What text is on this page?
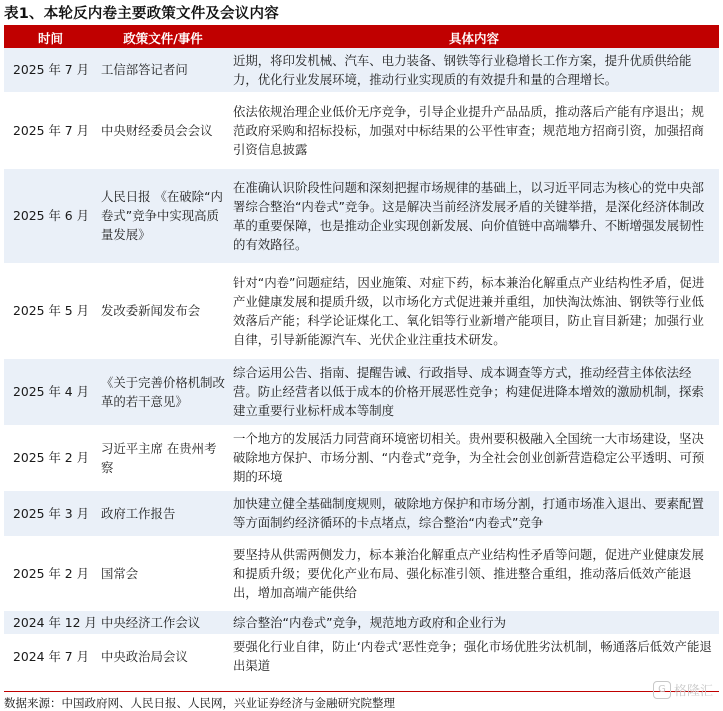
表1、本轮反内卷主要政策文件及会议内容
时间	政策文件/事件	具体内容
2025 年 7 月	工信部答记者问	近期，将印发机械、汽车、电力装备、钢铁等行业稳增长工作方案，提升优质供给能力，优化行业发展环境，推动行业实现质的有效提升和量的合理增长。
2025 年 7 月	中央财经委员会会议	依法依规治理企业低价无序竞争，引导企业提升产品品质，推动落后产能有序退出；规范政府采购和招标投标，加强对中标结果的公平性审查；规范地方招商引资，加强招商引资信息披露
2025 年 6 月	人民日报 《在破除“内卷式”竞争中实现高质量发展》	在准确认识阶段性问题和深刻把握市场规律的基础上，以习近平同志为核心的党中央部署综合整治“内卷式”竞争。这是解决当前经济发展矛盾的关键举措，是深化经济体制改革的重要保障，也是推动企业实现创新发展、向价值链中高端攀升、不断增强发展韧性的有效路径。
2025 年 5 月	发改委新闻发布会	针对“内卷”问题症结，因业施策、对症下药，标本兼治化解重点产业结构性矛盾，促进产业健康发展和提质升级，以市场化方式促进兼并重组，加快淘汰炼油、钢铁等行业低效落后产能；科学论证煤化工、氧化铝等行业新增产能项目，防止盲目新建；加强行业自律，引导新能源汽车、光伏企业注重技术研发。
2025 年 4 月	《关于完善价格机制改革的若干意见》	综合运用公告、指南、提醒告诫、行政指导、成本调查等方式，推动经营主体依法经营。防止经营者以低于成本的价格开展恶性竞争；构建促进降本增效的激励机制，探索建立重要行业标杆成本等制度
2025 年 2 月	习近平主席 在贵州考察	一个地方的发展活力同营商环境密切相关。贵州要积极融入全国统一大市场建设，坚决破除地方保护、市场分割、“内卷式”竞争，为全社会创业创新营造稳定公平透明、可预期的环境
2025 年 3 月	政府工作报告	加快建立健全基础制度规则，破除地方保护和市场分割，打通市场准入退出、要素配置等方面制约经济循环的卡点堵点，综合整治“内卷式”竞争
2025 年 2 月	国常会	要坚持从供需两侧发力，标本兼治化解重点产业结构性矛盾等问题，促进产业健康发展和提质升级；要优化产业布局、强化标准引领、推进整合重组，推动落后低效产能退出，增加高端产能供给
2024 年 12 月	中央经济工作会议	综合整治“内卷式”竞争，规范地方政府和企业行为
2024 年 7 月	中央政治局会议	要强化行业自律，防止‘内卷式’恶性竞争；强化市场优胜劣汰机制，畅通落后低效产能退出渠道
数据来源：中国政府网、人民日报、人民网，兴业证券经济与金融研究院整理
G 格隆汇
